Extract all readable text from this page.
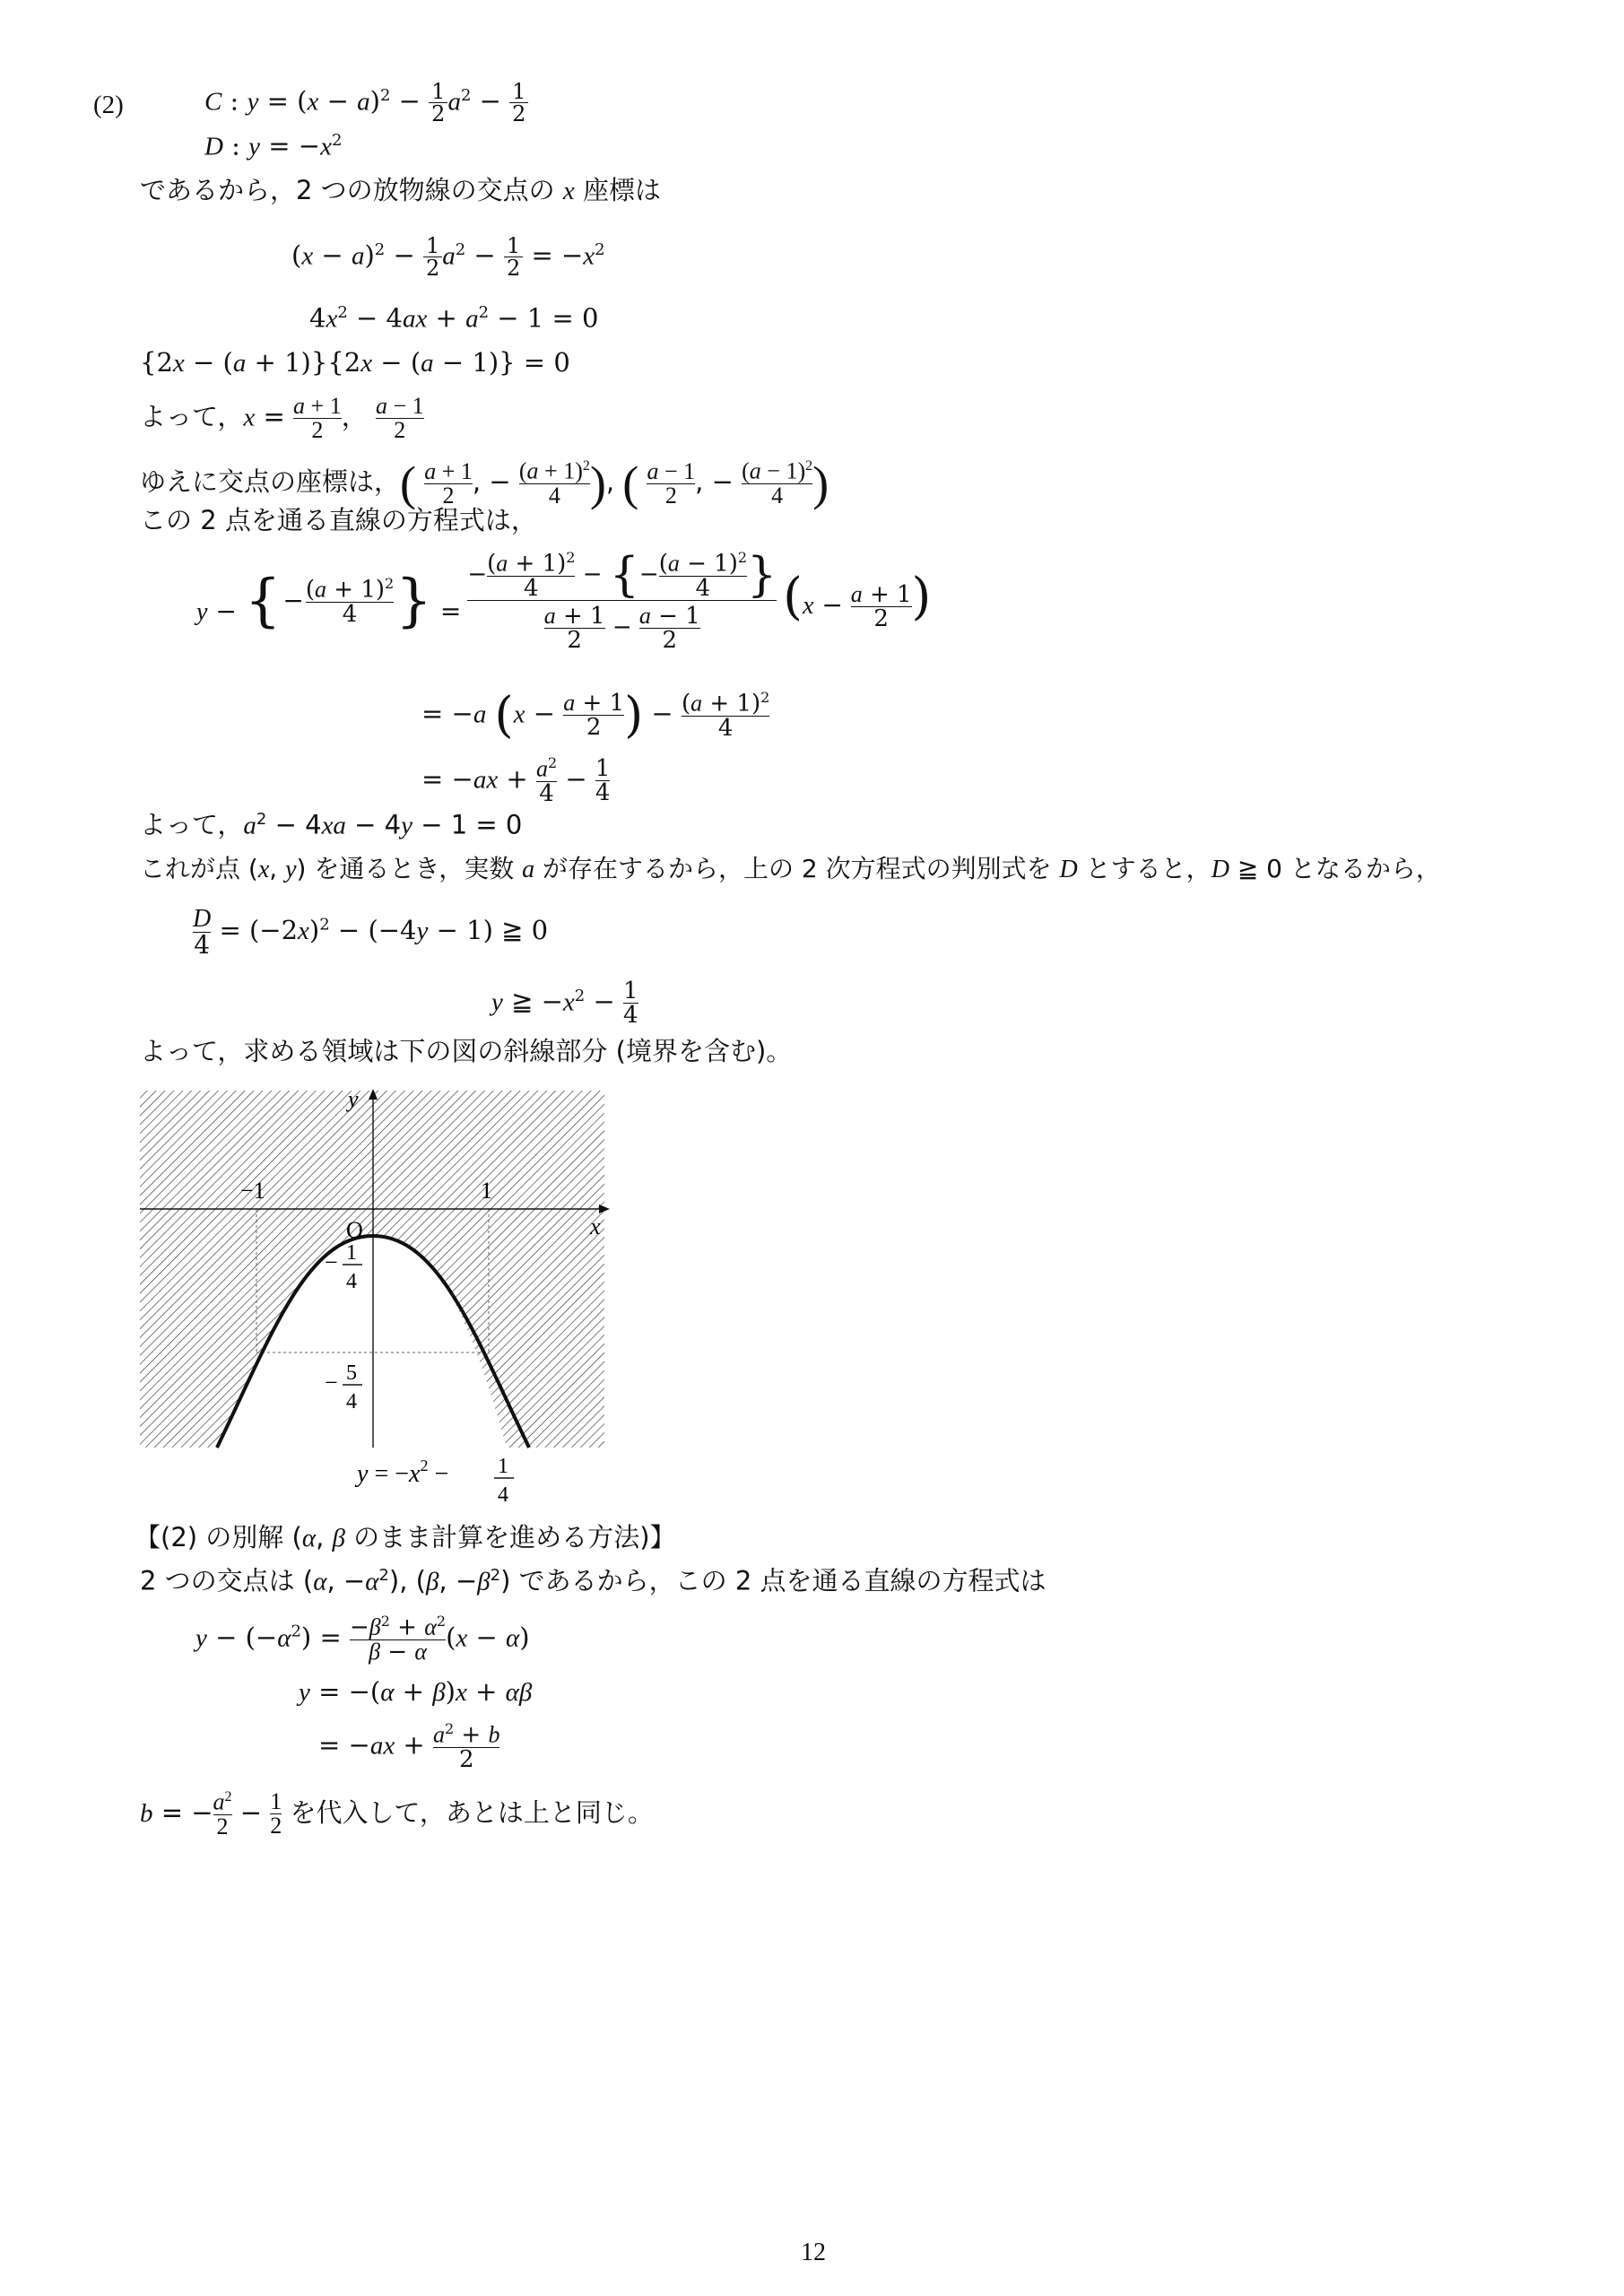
(2)	C : $y = (x - a)^2 - 1$

2 $a^2 - 1$

2
D : $y = -x^2$
であるから，2 つの放物線の交点の x 座標は
$(x - a)^2 - 1$

2 $a^2 - 1$

$2 = -x^2$
$4x^2 - 4ax + a^2 - 1 = 0$
{2x − (a + 1)}{2x − (a − 1)} = 0
よって，x = a + 1

2 ， a − 1

2
ゆえに交点の座標は，( a + 1

2 , − $(a + 1)^2$

4 ), ( a − 1

2 , − $(a - 1)^2$

4 )
この 2 点を通る直線の方程式は，
y − {	−	$(a + 1)^2$

4	} =	
$-(a + 1)^2$

4
− {$-(a - 1)^2$

4 }
a + 1

2 − a − 1

2
	(x − a + 1

2 )
= −a (x − a + 1

2 ) − $(a + 1)^2$

4
= $-ax + a^2$

4 − 1

4
よって，$a^2 - 4xa - 4y - 1 = 0$
これが点 (x, y) を通るとき，実数 a が存在するから，上の 2 次方程式の判別式を D とすると，D ≧ 0 となるから，
$\frac{D}{4} = (-2x)^2 - (-4y - 1)$ ≧ 0
y ≧ $-x^2 - 1$

4
よって，求める領域は下の図の斜線部分 (境界を含む)。
y
x
O
−1	1
− 1
4
− 5
4
$y = -x^2 - 1$
4
【(2) の別解 (α, β のまま計算を進める方法)】
2 つの交点は (α, $-\alpha^2$), (β, $-\beta^2$) であるから，この 2 点を通る直線の方程式は
$y - (-\alpha^2) = -\beta^2 + \alpha^2$

β − α (x − α)
y = −(α + β)x + αβ
= $-ax + a^2 + b$

2
$b = -a^2$

2 − 1

2 を代入して，あとは上と同じ。
12
